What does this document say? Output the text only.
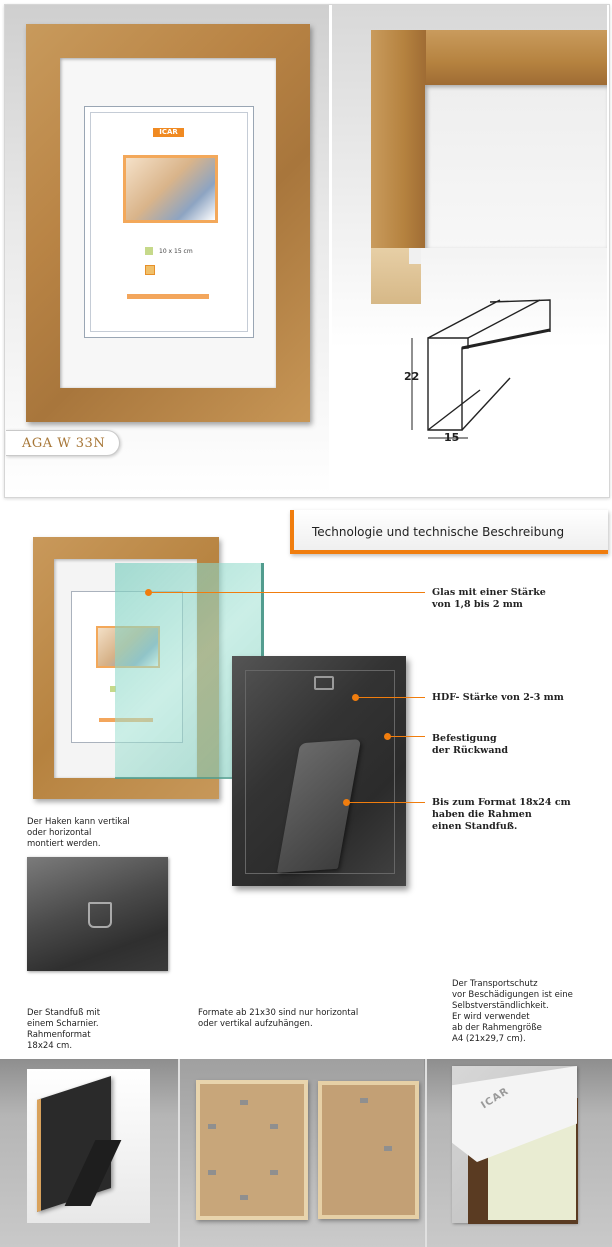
ICAR
10 x 15 cm
AGA W 33N
22
15
Technologie und technische Beschreibung
Glas mit einer Stärke
von 1,8 bis 2 mm
HDF- Stärke von 2-3 mm
Befestigung
der Rückwand
Bis zum Format 18x24 cm
haben die Rahmen
einen Standfuß.
Der Haken kann vertikal
oder horizontal
montiert werden.
Der Standfuß mit
einem Scharnier.
Rahmenformat
18x24 cm.
Formate ab 21x30 sind nur horizontal
oder vertikal aufzuhängen.
Der Transportschutz
vor Beschädigungen ist eine
Selbstverständlichkeit.
Er wird verwendet
ab der Rahmengröße
A4 (21x29,7 cm).
ICAR
